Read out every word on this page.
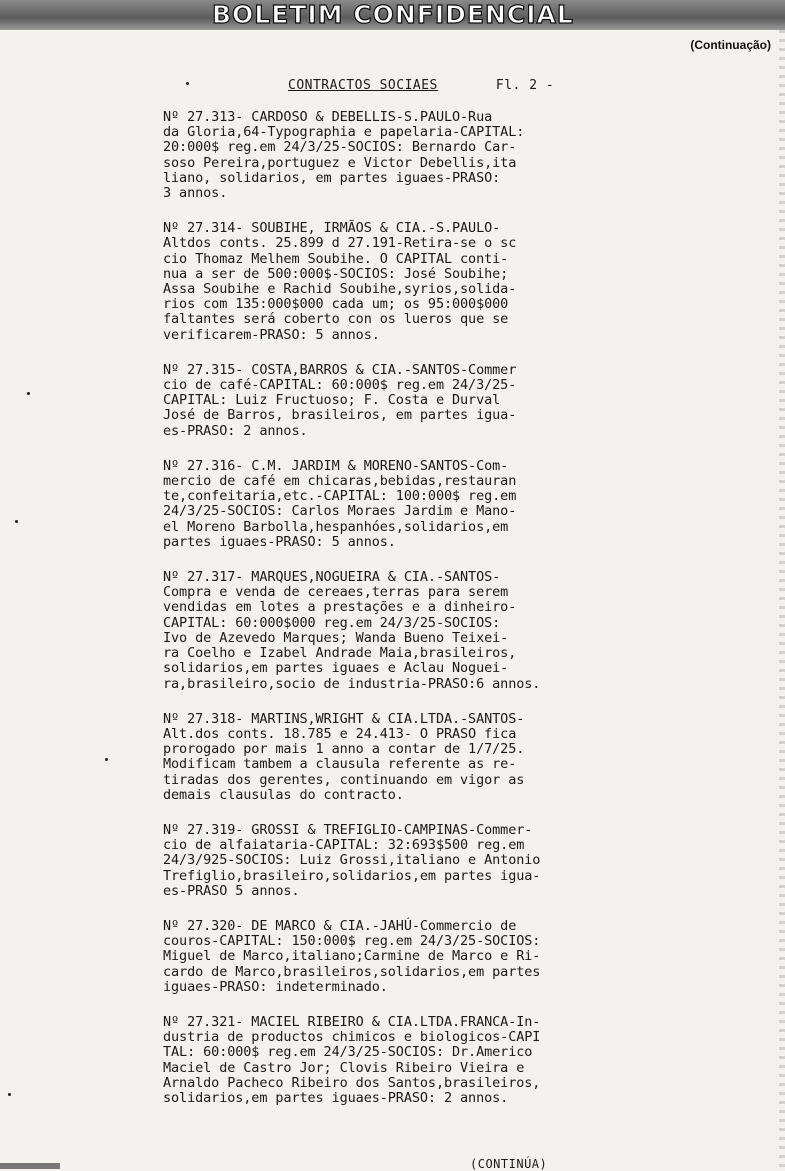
BOLETIM CONFIDENCIAL
(Continuação)
CONTRACTOS SOCIAES	Fl. 2 -
Nº 27.313- CARDOSO & DEBELLIS-S.PAULO-Rua
da Gloria,64-Typographia e papelaria-CAPITAL:
20:000$ reg.em 24/3/25-SOCIOS: Bernardo Car-
soso Pereira,portuguez e Victor Debellis,ita
liano, solidarios, em partes iguaes-PRASO:
3 annos.
Nº 27.314- SOUBIHE, IRMÃOS & CIA.-S.PAULO-
Altdos conts. 25.899 d 27.191-Retira-se o sc
cio Thomaz Melhem Soubihe. O CAPITAL conti-
nua a ser de 500:000$-SOCIOS: José Soubihe;
Assa Soubihe e Rachid Soubihe,syrios,solida-
rios com 135:000$000 cada um; os 95:000$000
faltantes será coberto con os lueros que se
verificarem-PRASO: 5 annos.
Nº 27.315- COSTA,BARROS & CIA.-SANTOS-Commer
cio de café-CAPITAL: 60:000$ reg.em 24/3/25-
CAPITAL: Luiz Fructuoso; F. Costa e Durval
José de Barros, brasileiros, em partes igua-
es-PRASO: 2 annos.
Nº 27.316- C.M. JARDIM & MORENO-SANTOS-Com-
mercio de café em chicaras,bebidas,restauran
te,confeitaria,etc.-CAPITAL: 100:000$ reg.em
24/3/25-SOCIOS: Carlos Moraes Jardim e Mano-
el Moreno Barbolla,hespanhóes,solidarios,em
partes iguaes-PRASO: 5 annos.
Nº 27.317- MARQUES,NOGUEIRA & CIA.-SANTOS-
Compra e venda de cereaes,terras para serem
vendidas em lotes a prestações e a dinheiro-
CAPITAL: 60:000$000 reg.em 24/3/25-SOCIOS:
Ivo de Azevedo Marques; Wanda Bueno Teixei-
ra Coelho e Izabel Andrade Maia,brasileiros,
solidarios,em partes iguaes e Aclau Noguei-
ra,brasileiro,socio de industria-PRASO:6 annos.
Nº 27.318- MARTINS,WRIGHT & CIA.LTDA.-SANTOS-
Alt.dos conts. 18.785 e 24.413- O PRASO fica
prorogado por mais 1 anno a contar de 1/7/25.
Modificam tambem a clausula referente as re-
tiradas dos gerentes, continuando em vigor as
demais clausulas do contracto.
Nº 27.319- GROSSI & TREFIGLIO-CAMPINAS-Commer-
cio de alfaiataria-CAPITAL: 32:693$500 reg.em
24/3/925-SOCIOS: Luiz Grossi,italiano e Antonio
Trefiglio,brasileiro,solidarios,em partes igua-
es-PRASO 5 annos.
Nº 27.320- DE MARCO & CIA.-JAHÚ-Commercio de
couros-CAPITAL: 150:000$ reg.em 24/3/25-SOCIOS:
Miguel de Marco,italiano;Carmine de Marco e Ri-
cardo de Marco,brasileiros,solidarios,em partes
iguaes-PRASO: indeterminado.
Nº 27.321- MACIEL RIBEIRO & CIA.LTDA.FRANCA-In-
dustria de productos chimicos e biologicos-CAPI
TAL: 60:000$ reg.em 24/3/25-SOCIOS: Dr.Americo
Maciel de Castro Jor; Clovis Ribeiro Vieira e
Arnaldo Pacheco Ribeiro dos Santos,brasileiros,
solidarios,em partes iguaes-PRASO: 2 annos.
(CONTINÚA)
